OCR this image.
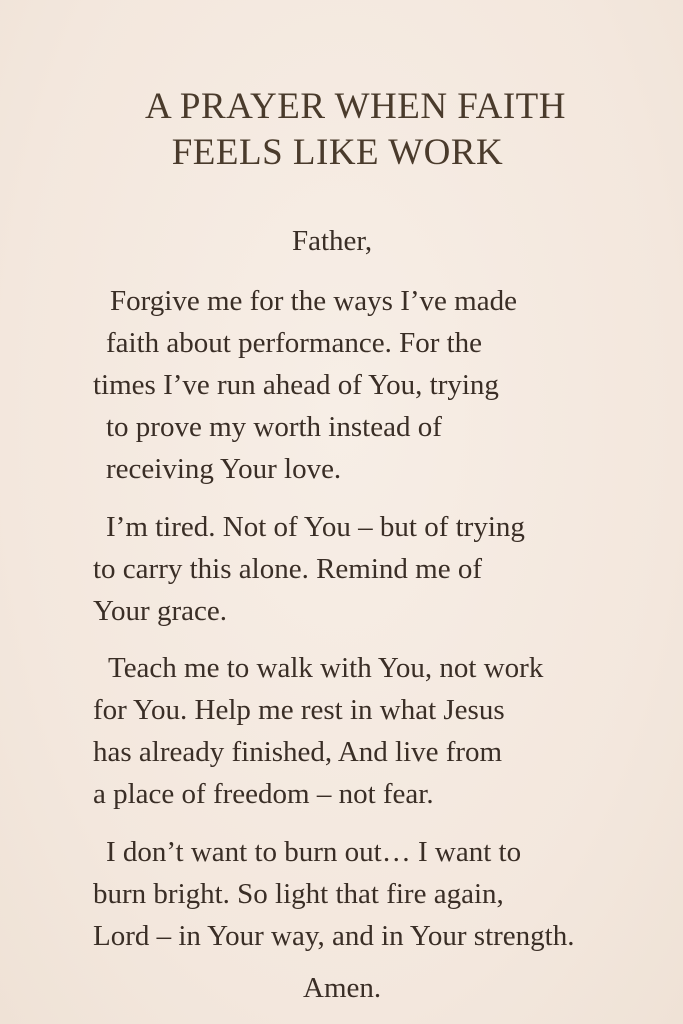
A PRAYER WHEN FAITH
FEELS LIKE WORK

Father,

Forgive me for the ways I’ve made

faith about performance. For the

times I’ve run ahead of You, trying

to prove my worth instead of

receiving Your love.

I’m tired. Not of You – but of trying

to carry this alone. Remind me of

Your grace.

Teach me to walk with You, not work

for You. Help me rest in what Jesus

has already finished, And live from

a place of freedom – not fear.

I don’t want to burn out… I want to

burn bright. So light that fire again,

Lord – in Your way, and in Your strength.

Amen.
